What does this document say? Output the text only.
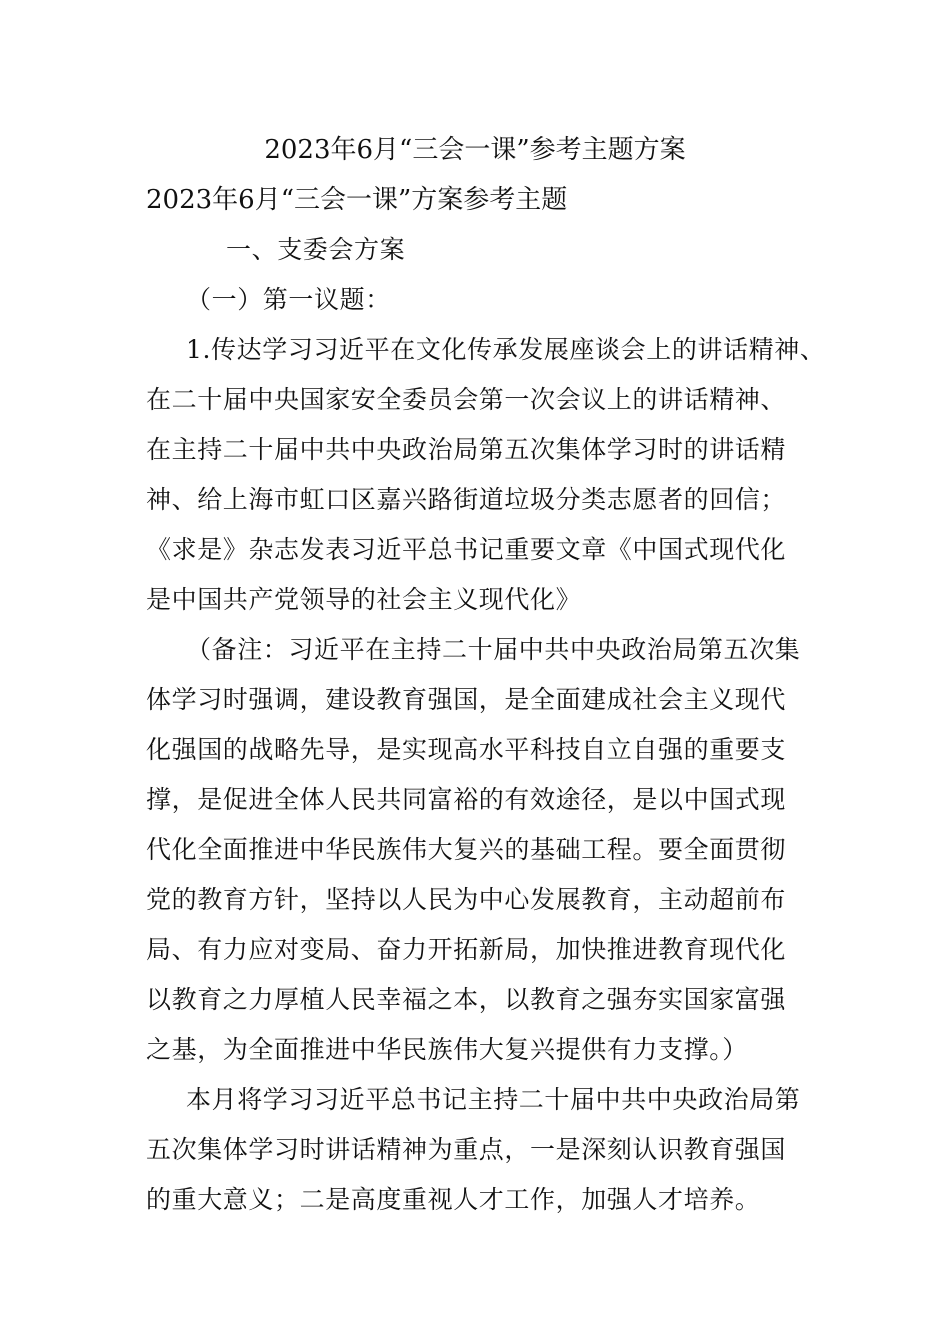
2023年6月“三会一课”参考主题方案
2023年6月“三会一课”方案参考主题
一、支委会方案
（一）第一议题：
1.传达学习习近平在文化传承发展座谈会上的讲话精神、
在二十届中央国家安全委员会第一次会议上的讲话精神、
在主持二十届中共中央政治局第五次集体学习时的讲话精
神、给上海市虹口区嘉兴路街道垃圾分类志愿者的回信；
《求是》杂志发表习近平总书记重要文章《中国式现代化
是中国共产党领导的社会主义现代化》
（备注：习近平在主持二十届中共中央政治局第五次集
体学习时强调，建设教育强国，是全面建成社会主义现代
化强国的战略先导，是实现高水平科技自立自强的重要支
撑，是促进全体人民共同富裕的有效途径，是以中国式现
代化全面推进中华民族伟大复兴的基础工程。要全面贯彻
党的教育方针，坚持以人民为中心发展教育，主动超前布
局、有力应对变局、奋力开拓新局，加快推进教育现代化
以教育之力厚植人民幸福之本，以教育之强夯实国家富强
之基，为全面推进中华民族伟大复兴提供有力支撑。）
本月将学习习近平总书记主持二十届中共中央政治局第
五次集体学习时讲话精神为重点，一是深刻认识教育强国
的重大意义；二是高度重视人才工作，加强人才培养。
